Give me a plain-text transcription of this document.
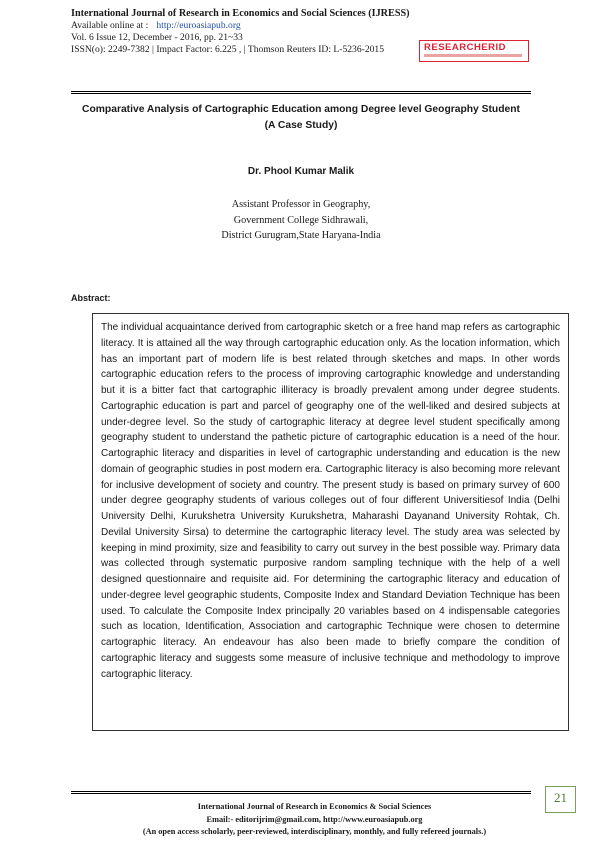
International Journal of Research in Economics and Social Sciences (IJRESS)
Available online at : http://euroasiapub.org
Vol. 6 Issue 12, December - 2016, pp. 21~33
ISSN(o): 2249-7382 | Impact Factor: 6.225 , | Thomson Reuters ID: L-5236-2015	RESEARCHERID
Comparative Analysis of Cartographic Education among Degree level Geography Student
(A Case Study)
Dr. Phool Kumar Malik
Assistant Professor in Geography,
Government College Sidhrawali,
District Gurugram,State Haryana-India
Abstract:

The individual acquaintance derived from cartographic sketch or a free hand map refers as cartographic literacy. It is attained all the way through cartographic education only. As the location information, which has an important part of modern life is best related through sketches and maps. In other words cartographic education refers to the process of improving cartographic knowledge and understanding but it is a bitter fact that cartographic illiteracy is broadly prevalent among under degree students. Cartographic education is part and parcel of geography one of the well-liked and desired subjects at under-degree level. So the study of cartographic literacy at degree level student specifically among geography student to understand the pathetic picture of cartographic education is a need of the hour. Cartographic literacy and disparities in level of cartographic understanding and education is the new domain of geographic studies in post modern era. Cartographic literacy is also becoming more relevant for inclusive development of society and country. The present study is based on primary survey of 600 under degree geography students of various colleges out of four different Universitiesof India (Delhi University Delhi, Kurukshetra University Kurukshetra, Maharashi Dayanand University Rohtak, Ch. Devilal University Sirsa) to determine the cartographic literacy level. The study area was selected by keeping in mind proximity, size and feasibility to carry out survey in the best possible way. Primary data was collected through systematic purposive random sampling technique with the help of a well designed questionnaire and requisite aid. For determining the cartographic literacy and education of under-degree level geographic students, Composite Index and Standard Deviation Technique has been used. To calculate the Composite Index principally 20 variables based on 4 indispensable categories such as location, Identification, Association and cartographic Technique were chosen to determine cartographic literacy. An endeavour has also been made to briefly compare the condition of cartographic literacy and suggests some measure of inclusive technique and methodology to improve cartographic literacy.

21
International Journal of Research in Economics & Social Sciences
Email:- editorijrim@gmail.com, http://www.euroasiapub.org
(An open access scholarly, peer-reviewed, interdisciplinary, monthly, and fully refereed journals.)
